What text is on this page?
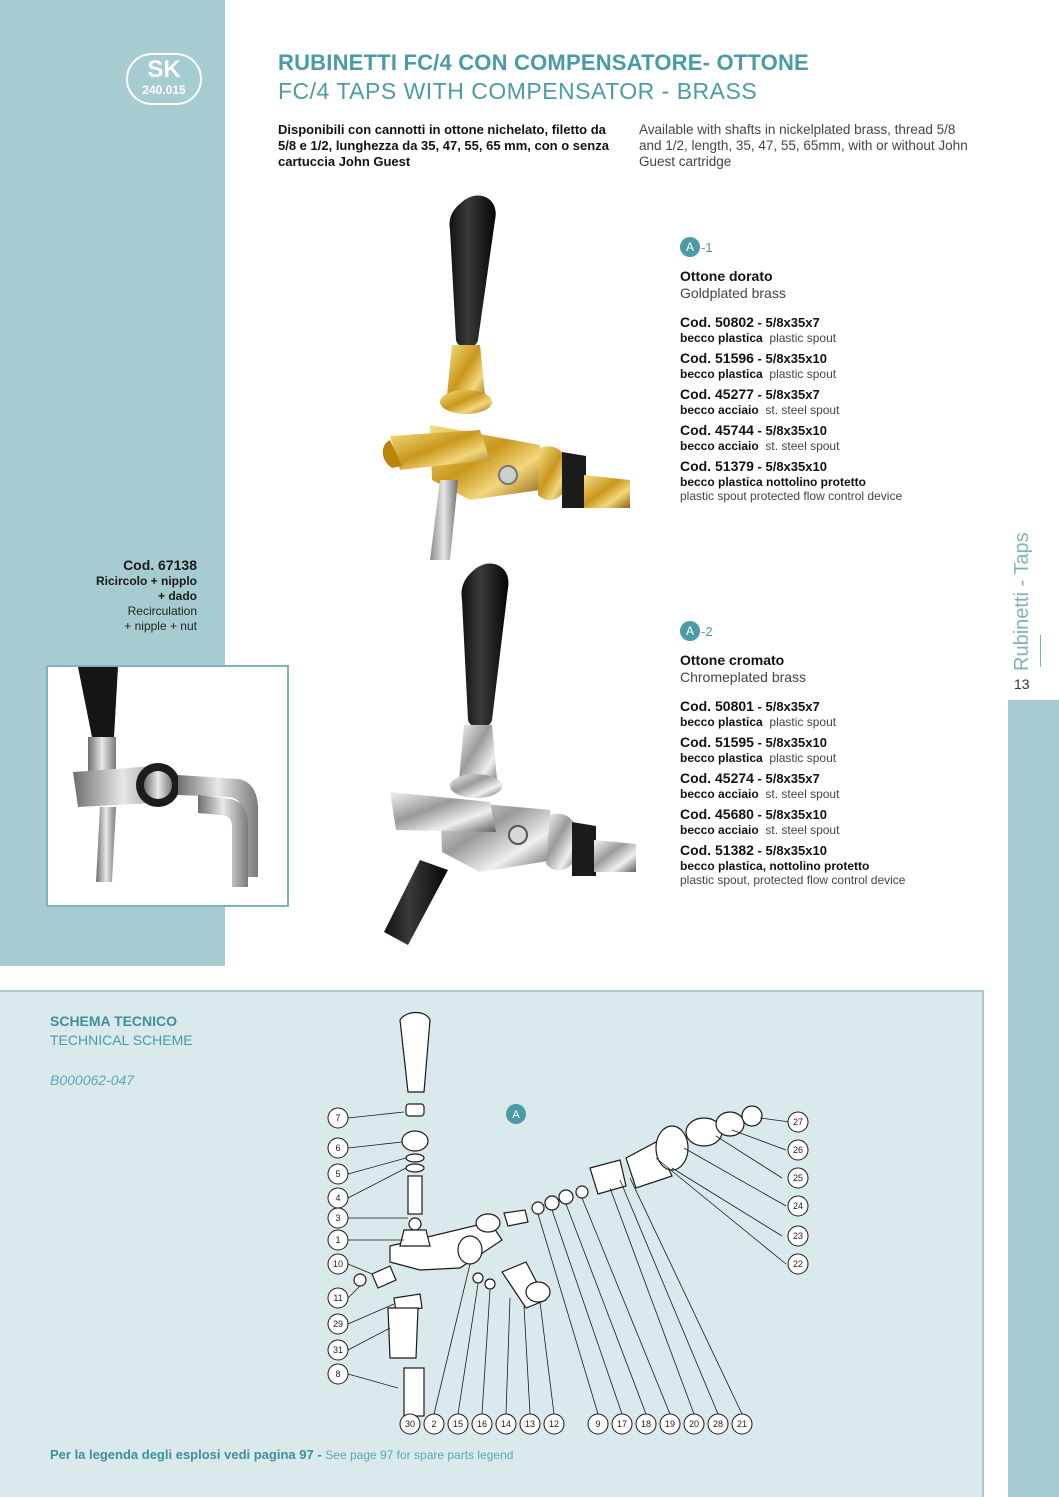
SK
240.015
RUBINETTI FC/4 CON COMPENSATORE- OTTONE
FC/4 TAPS WITH COMPENSATOR - BRASS
Disponibili con cannotti in ottone nichelato, filetto da 5/8 e 1/2, lunghezza da 35, 47, 55, 65 mm, con o senza cartuccia John Guest
Available with shafts in nickelplated brass, thread 5/8 and 1/2, length, 35, 47, 55, 65mm, with or without John Guest cartridge
A -1
Ottone dorato
Goldplated brass
Cod. 50802 - 5/8x35x7
becco plastica plastic spout
Cod. 51596 - 5/8x35x10
becco plastica plastic spout
Cod. 45277 - 5/8x35x7
becco acciaio st. steel spout
Cod. 45744 - 5/8x35x10
becco acciaio st. steel spout
Cod. 51379 - 5/8x35x10
becco plastica nottolino protetto
plastic spout protected flow control device
A -2
Ottone cromato
Chromeplated brass
Cod. 50801 - 5/8x35x7
becco plastica plastic spout
Cod. 51595 - 5/8x35x10
becco plastica plastic spout
Cod. 45274 - 5/8x35x7
becco acciaio st. steel spout
Cod. 45680 - 5/8x35x10
becco acciaio st. steel spout
Cod. 51382 - 5/8x35x10
becco plastica, nottolino protetto
plastic spout, protected flow control device
Cod. 67138
Ricircolo + nipplo
+ dado
Recirculation
+ nipple + nut	Rubinetti - Taps
13
SCHEMA TECNICO
TECHNICAL SCHEME
B000062-047
A
8
7
6
5
4
3
1
10
11
29
31
27
26
25
24
23
22
30 2 15 16 14 13 12	9 17 18 19 20 28 21
Per la legenda degli esplosi vedi pagina 97 - See page 97 for spare parts legend
